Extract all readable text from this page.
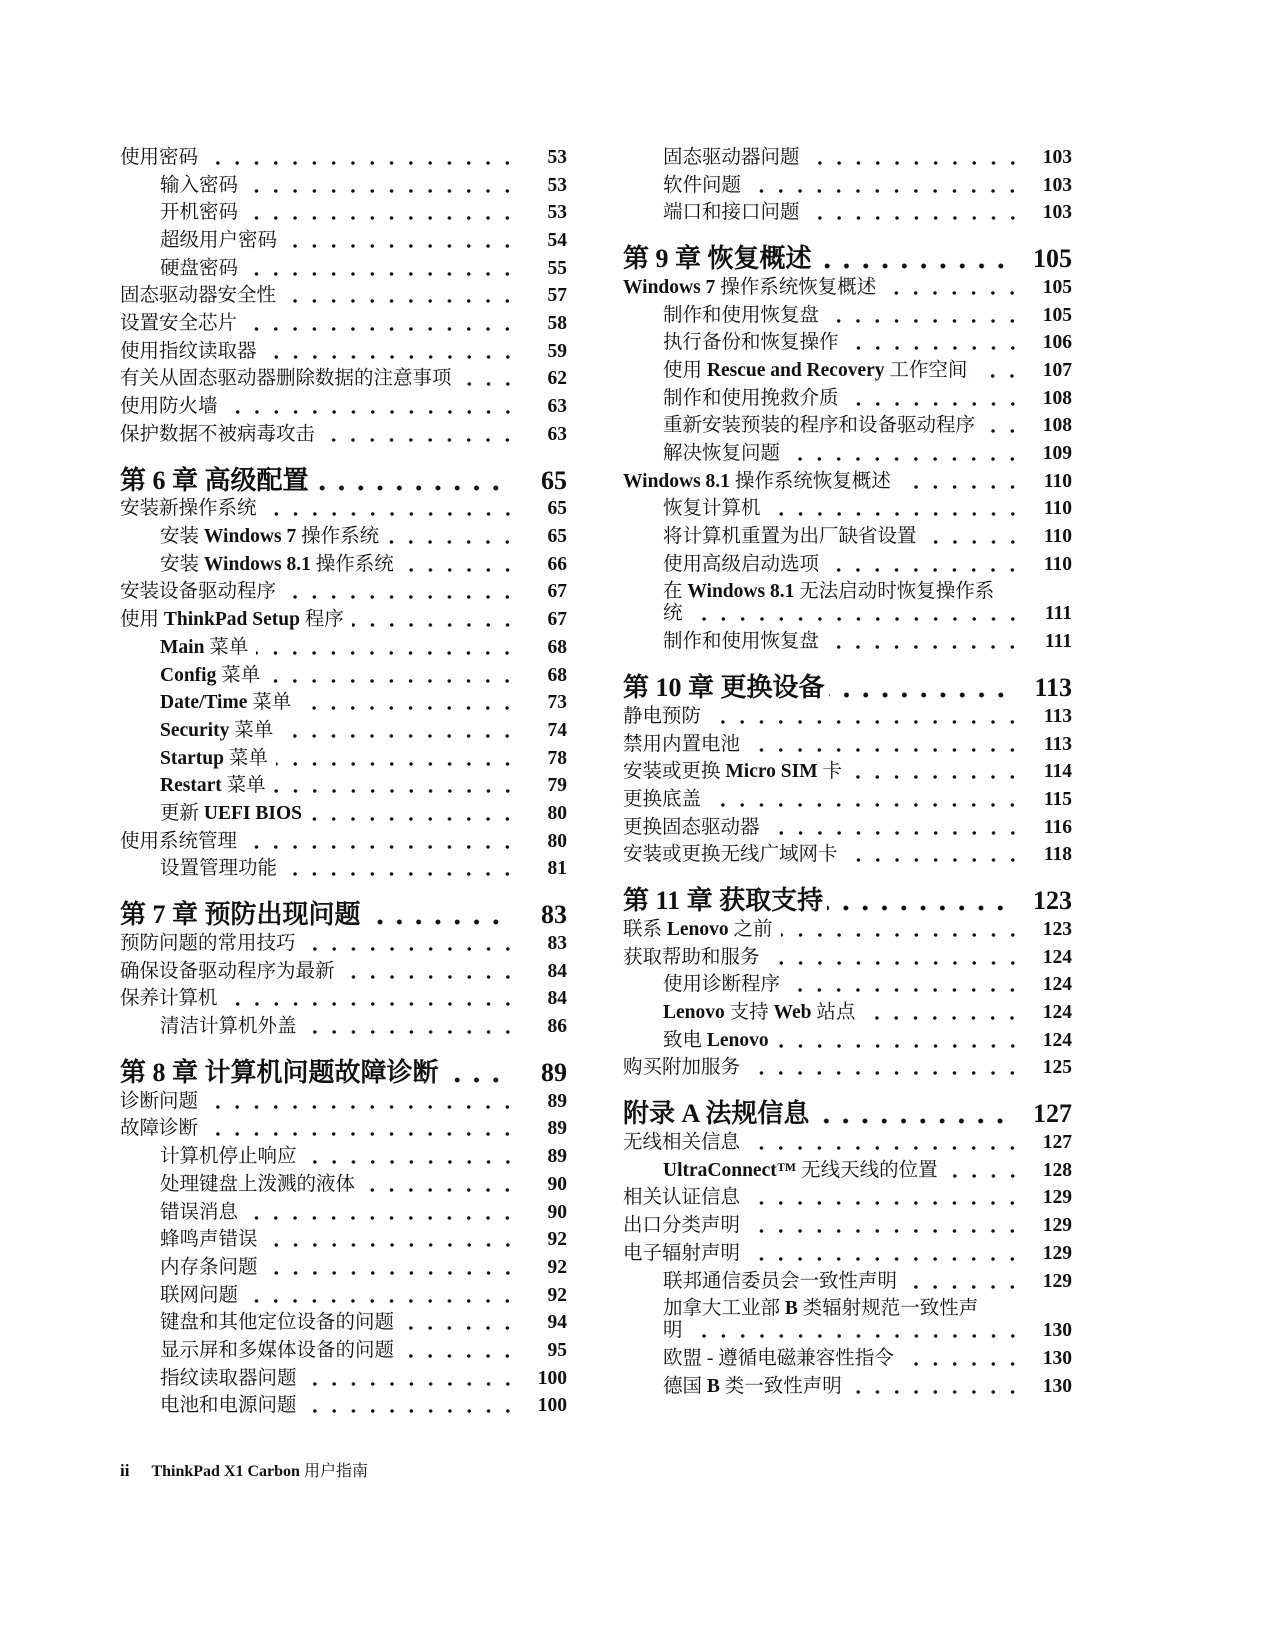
使用密码	53
输入密码	53
开机密码	53
超级用户密码	54
硬盘密码	55
固态驱动器安全性	57
设置安全芯片	58
使用指纹读取器	59
有关从固态驱动器删除数据的注意事项	62
使用防火墙	63
保护数据不被病毒攻击	63
第 6 章 高级配置	65
安装新操作系统	65
安装 Windows 7 操作系统	65
安装 Windows 8.1 操作系统	66
安装设备驱动程序	67
使用 ThinkPad Setup 程序	67
Main 菜单	68
Config 菜单	68
Date/Time 菜单	73
Security 菜单	74
Startup 菜单	78
Restart 菜单	79
更新 UEFI BIOS	80
使用系统管理	80
设置管理功能	81
第 7 章 预防出现问题	83
预防问题的常用技巧	83
确保设备驱动程序为最新	84
保养计算机	84
清洁计算机外盖	86
第 8 章 计算机问题故障诊断	89
诊断问题	89
故障诊断	89
计算机停止响应	89
处理键盘上泼溅的液体	90
错误消息	90
蜂鸣声错误	92
内存条问题	92
联网问题	92
键盘和其他定位设备的问题	94
显示屏和多媒体设备的问题	95
指纹读取器问题	100
电池和电源问题	100
固态驱动器问题	103
软件问题	103
端口和接口问题	103
第 9 章 恢复概述	105
Windows 7 操作系统恢复概述	105
制作和使用恢复盘	105
执行备份和恢复操作	106
使用 Rescue and Recovery 工作空间	107
制作和使用挽救介质	108
重新安装预装的程序和设备驱动程序	108
解决恢复问题	109
Windows 8.1 操作系统恢复概述	110
恢复计算机	110
将计算机重置为出厂缺省设置	110
使用高级启动选项	110
在 Windows 8.1 无法启动时恢复操作系
统	111
制作和使用恢复盘	111
第 10 章 更换设备	113
静电预防	113
禁用内置电池	113
安装或更换 Micro SIM 卡	114
更换底盖	115
更换固态驱动器	116
安装或更换无线广域网卡	118
第 11 章 获取支持	123
联系 Lenovo 之前	123
获取帮助和服务	124
使用诊断程序	124
Lenovo 支持 Web 站点	124
致电 Lenovo	124
购买附加服务	125
附录 A 法规信息	127
无线相关信息	127
UltraConnect™ 无线天线的位置	128
相关认证信息	129
出口分类声明	129
电子辐射声明	129
联邦通信委员会一致性声明	129
加拿大工业部 B 类辐射规范一致性声
明	130
欧盟 - 遵循电磁兼容性指令	130
德国 B 类一致性声明	130
ii ThinkPad X1 Carbon 用户指南
